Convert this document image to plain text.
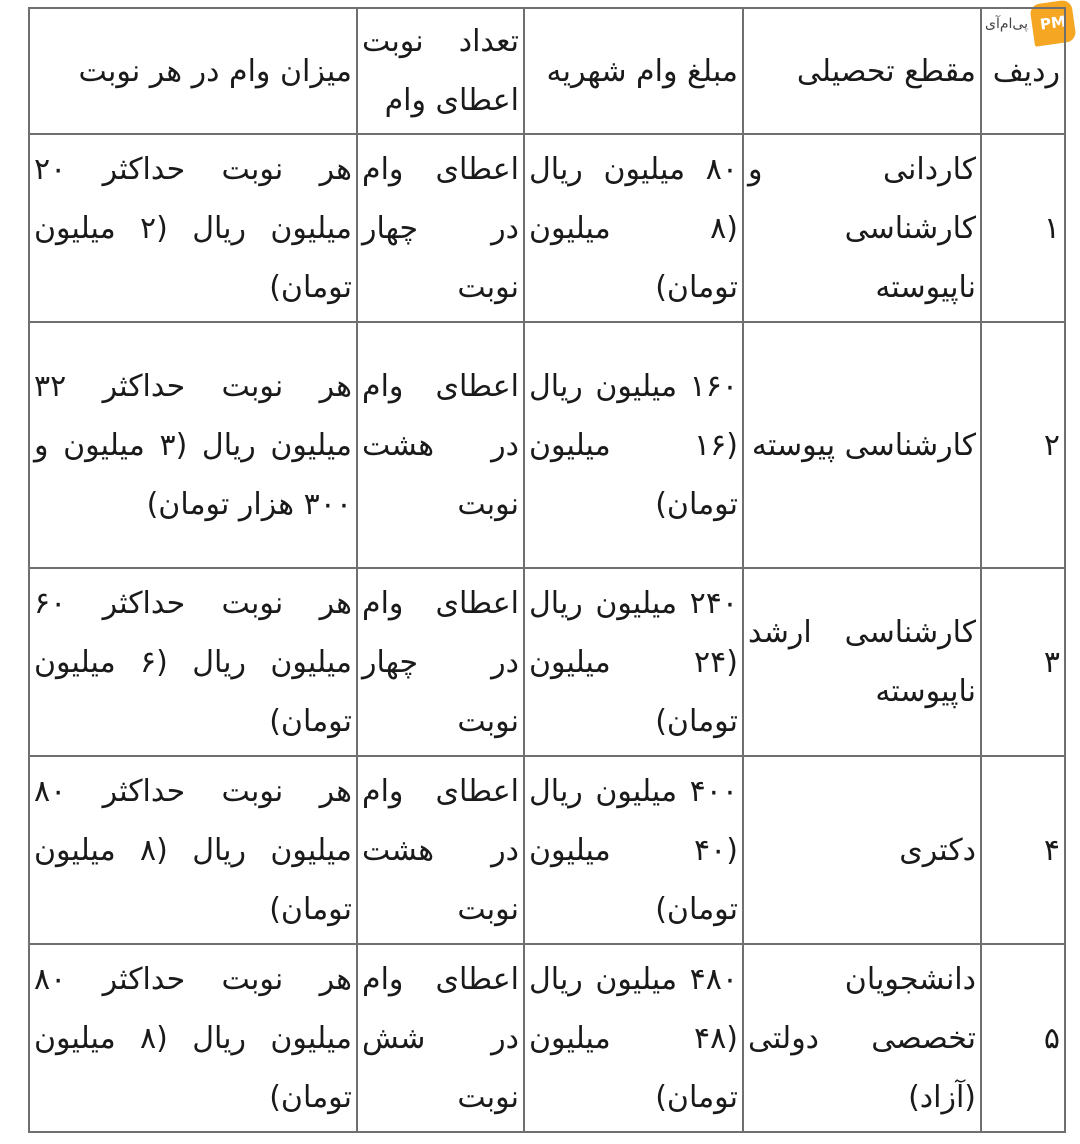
پی‌ام‌آی PM
ردیف	مقطع تحصیلی	مبلغ وام شهریه	تعداد نوبت اعطای وام	میزان وام در هر نوبت

۱	کاردانی و کارشناسی ناپیوسته	۸۰ میلیون ریال (۸ میلیون تومان)	اعطای وام در چهار نوبت	هر نوبت حداکثر ۲۰ میلیون ریال (۲ میلیون تومان)

۲	کارشناسی پیوسته	۱۶۰ میلیون ریال (۱۶ میلیون تومان)	اعطای وام در هشت نوبت	هر نوبت حداکثر ۳۲ میلیون ریال (۳ میلیون و ۳۰۰ هزار تومان)

۳	کارشناسی ارشد ناپیوسته	۲۴۰ میلیون ریال (۲۴ میلیون تومان)	اعطای وام در چهار نوبت	هر نوبت حداکثر ۶۰ میلیون ریال (۶ میلیون تومان)

۴	دکتری	۴۰۰ میلیون ریال (۴۰ میلیون تومان)	اعطای وام در هشت نوبت	هر نوبت حداکثر ۸۰ میلیون ریال (۸ میلیون تومان)

۵	دانشجویان تخصصی دولتی (آزاد)	۴۸۰ میلیون ریال (۴۸ میلیون تومان)	اعطای وام در شش نوبت	هر نوبت حداکثر ۸۰ میلیون ریال (۸ میلیون تومان)
